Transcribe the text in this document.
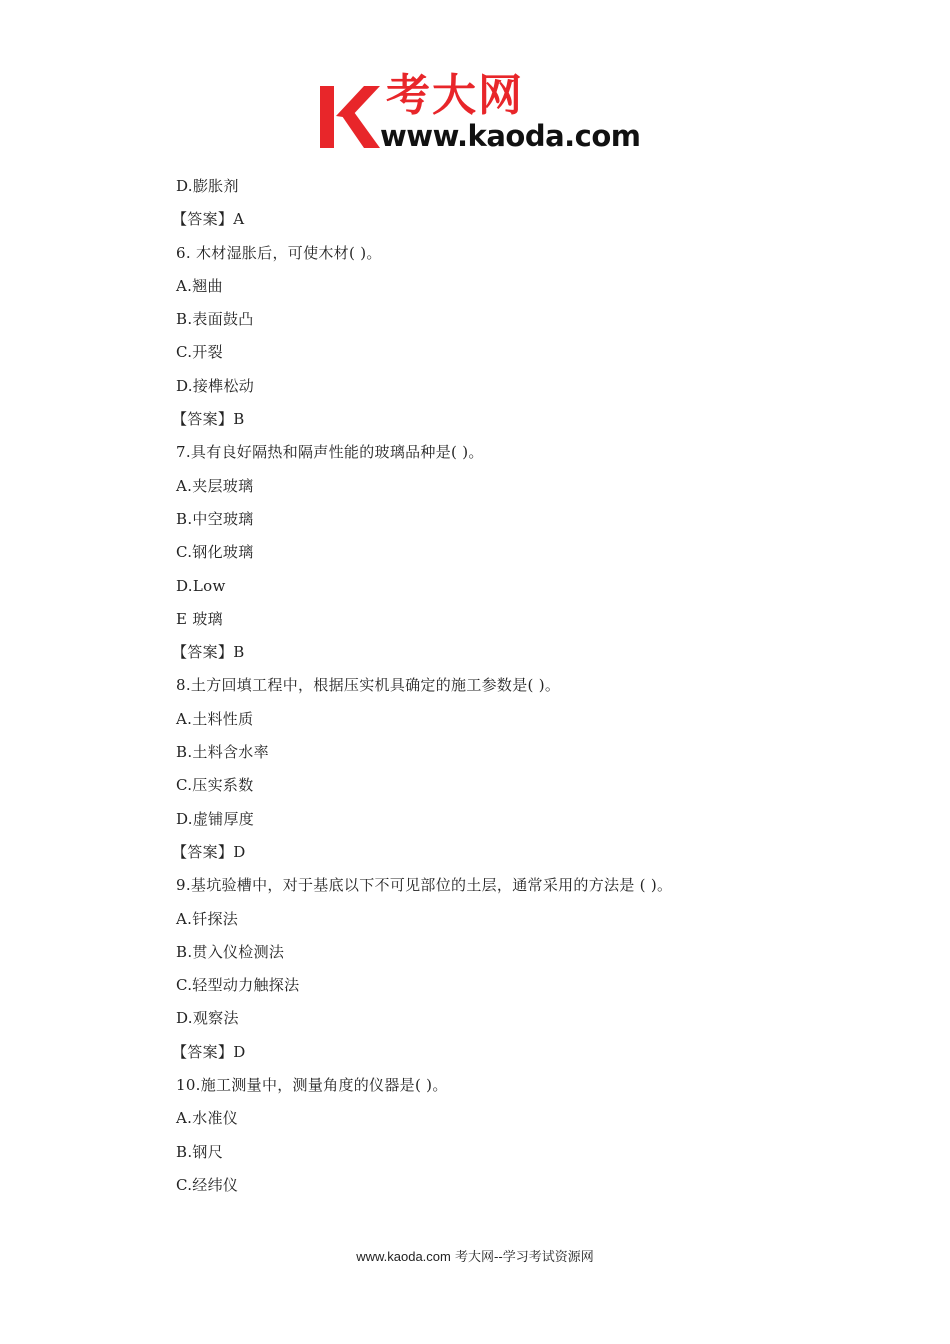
考大网
www.kaoda.com
D.膨胀剂
【答案】A
6. 木材湿胀后，可使木材( )。
A.翘曲
B.表面鼓凸
C.开裂
D.接榫松动
【答案】B
7.具有良好隔热和隔声性能的玻璃品种是( )。
A.夹层玻璃
B.中空玻璃
C.钢化玻璃
D.Low
E 玻璃
【答案】B
8.土方回填工程中，根据压实机具确定的施工参数是( )。
A.土料性质
B.土料含水率
C.压实系数
D.虚铺厚度
【答案】D
9.基坑验槽中，对于基底以下不可见部位的土层，通常采用的方法是 ( )。
A.钎探法
B.贯入仪检测法
C.轻型动力触探法
D.观察法
【答案】D
10.施工测量中，测量角度的仪器是( )。
A.水准仪
B.钢尺
C.经纬仪
www.kaoda.com 考大网--学习考试资源网
